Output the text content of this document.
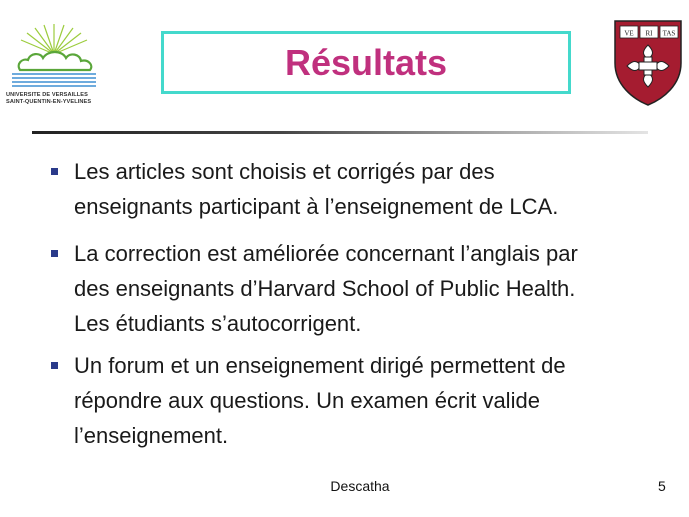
UNIVERSITE DE VERSAILLES
SAINT-QUENTIN-EN-YVELINES
Résultats
VE RI TAS
Les articles sont choisis et corrigés par des
enseignants participant à l’enseignement de LCA.
La correction est améliorée concernant l’anglais par
des enseignants d’Harvard School of Public Health.
Les étudiants s’autocorrigent.
Un forum et un enseignement dirigé permettent de
répondre aux questions. Un examen écrit valide
l’enseignement.
Descatha	5
